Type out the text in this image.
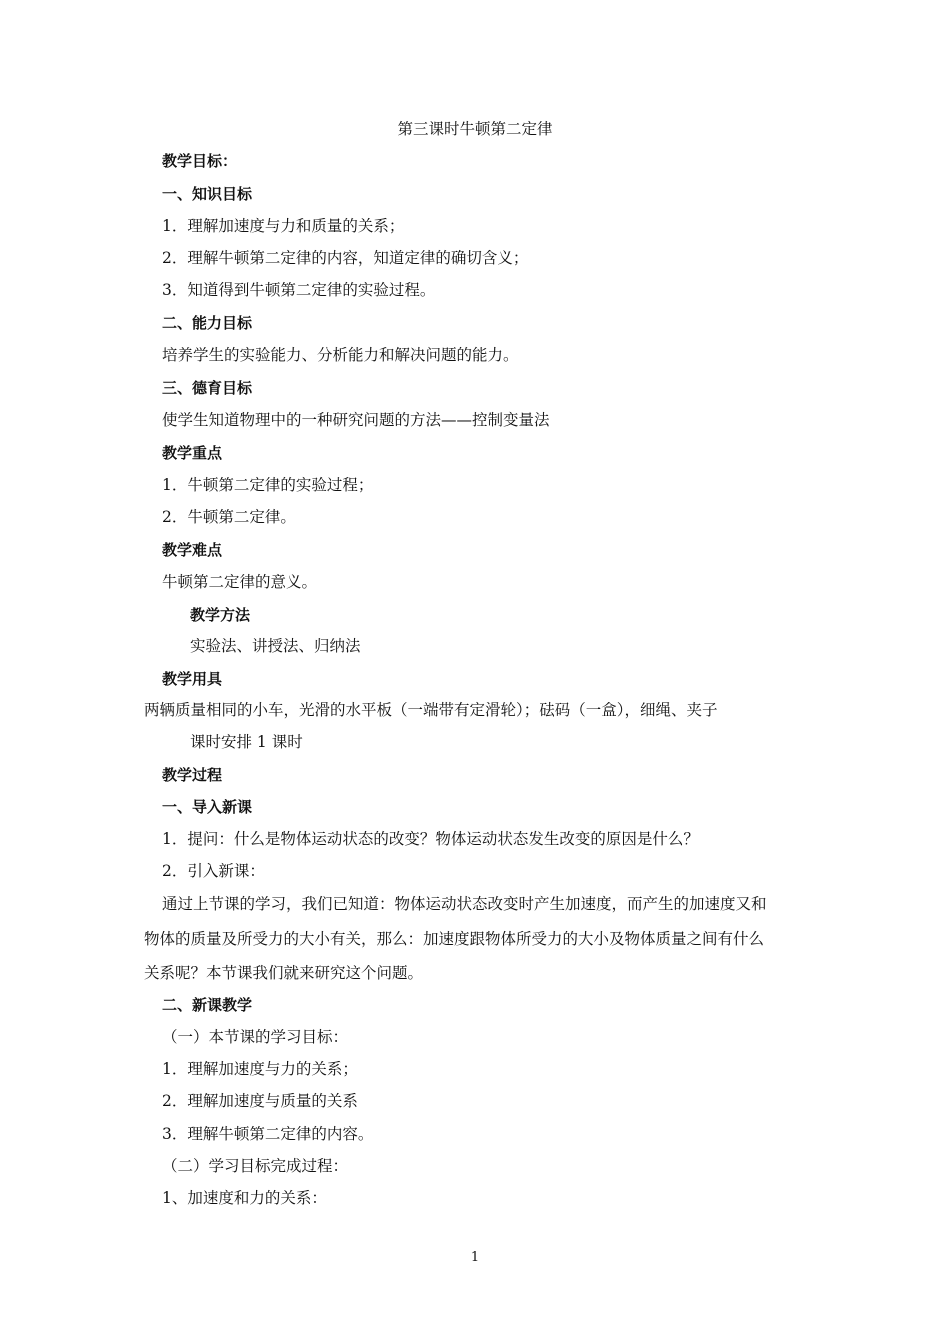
第三课时牛顿第二定律
教学目标：
一、知识目标
1．理解加速度与力和质量的关系；
2．理解牛顿第二定律的内容，知道定律的确切含义；
3．知道得到牛顿第二定律的实验过程。
二、能力目标
培养学生的实验能力、分析能力和解决问题的能力。
三、德育目标
使学生知道物理中的一种研究问题的方法——控制变量法
教学重点
1．牛顿第二定律的实验过程；
2．牛顿第二定律。
教学难点
牛顿第二定律的意义。
教学方法
实验法、讲授法、归纳法
教学用具
两辆质量相同的小车，光滑的水平板（一端带有定滑轮）；砝码（一盒），细绳、夹子
课时安排 1 课时
教学过程
一、导入新课
1．提问：什么是物体运动状态的改变？物体运动状态发生改变的原因是什么？
2．引入新课：
通过上节课的学习，我们已知道：物体运动状态改变时产生加速度，而产生的加速度又和
物体的质量及所受力的大小有关，那么：加速度跟物体所受力的大小及物体质量之间有什么
关系呢？本节课我们就来研究这个问题。
二、新课教学
（一）本节课的学习目标：
1．理解加速度与力的关系；
2．理解加速度与质量的关系
3．理解牛顿第二定律的内容。
（二）学习目标完成过程：
1、加速度和力的关系：
1
